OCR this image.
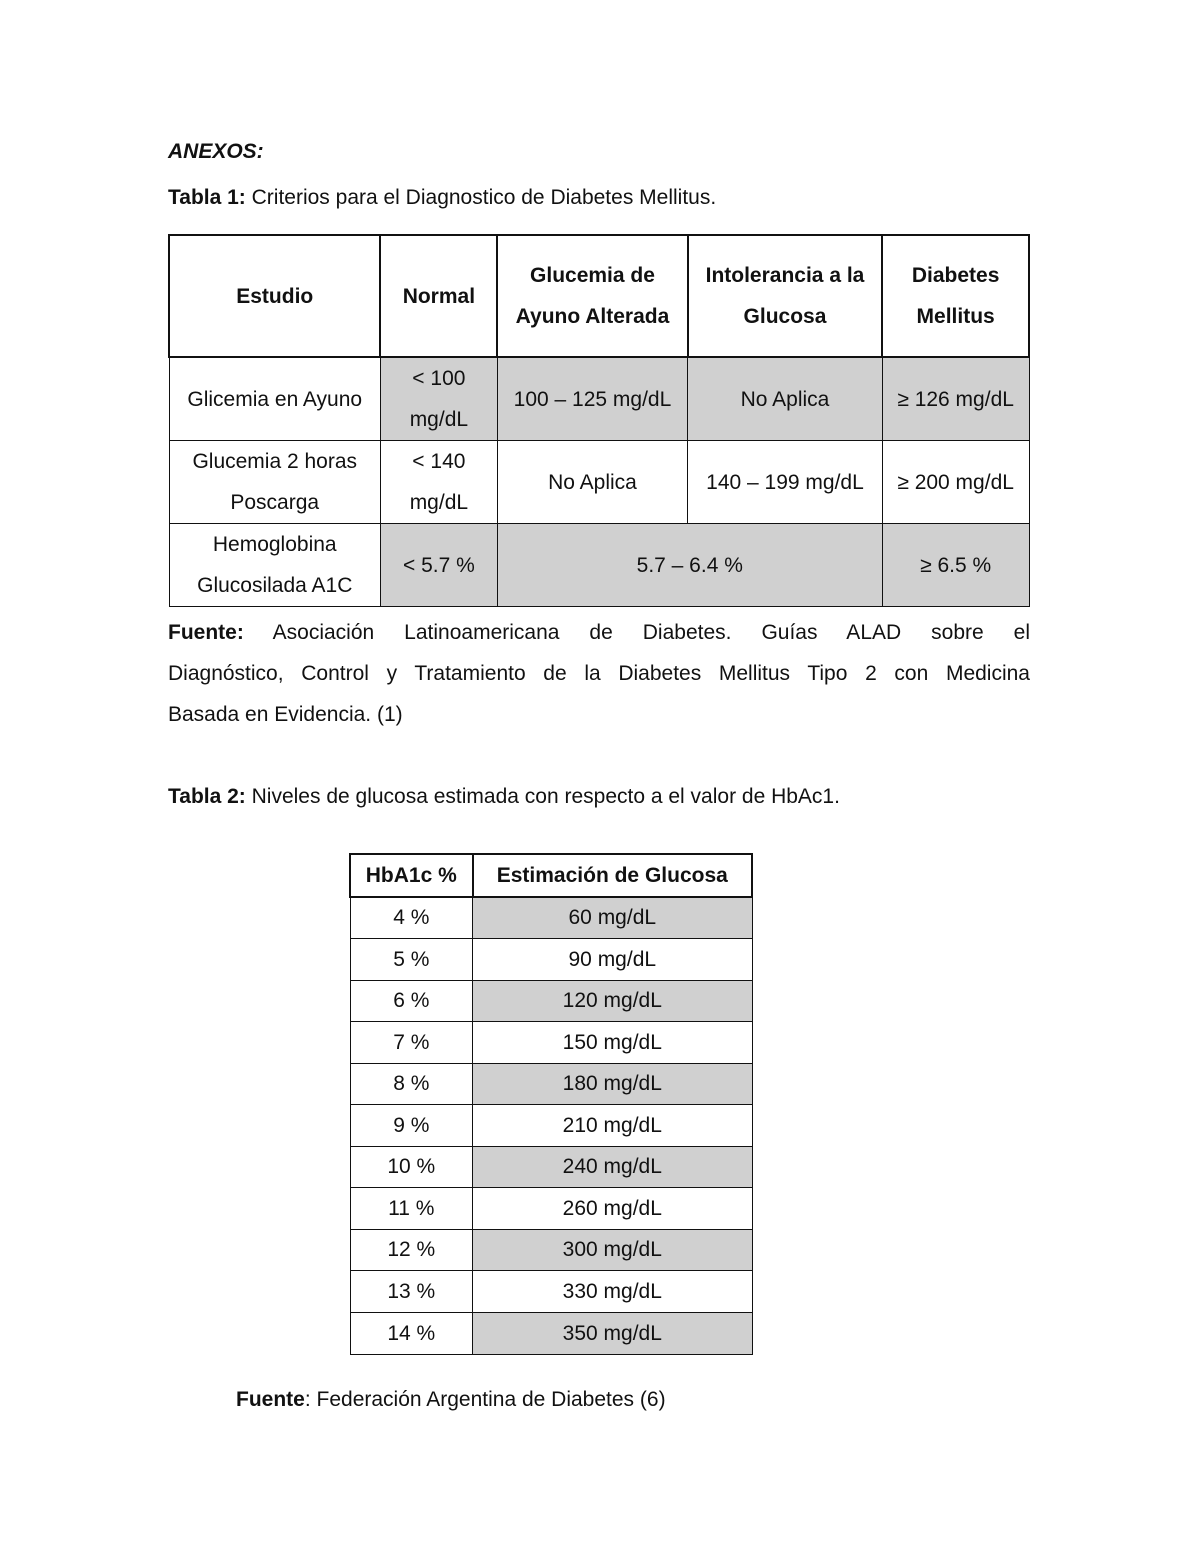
ANEXOS:
Tabla 1: Criterios para el Diagnostico de Diabetes Mellitus.
Estudio	Normal	Glucemia de Ayuno Alterada	Intolerancia a la Glucosa	Diabetes Mellitus
Glicemia en Ayuno	< 100 mg/dL	100 – 125 mg/dL	No Aplica	≥ 126 mg/dL
Glucemia 2 horas Poscarga	< 140 mg/dL	No Aplica	140 – 199 mg/dL	≥ 200 mg/dL
Hemoglobina Glucosilada A1C	< 5.7 %	5.7 – 6.4 %		≥ 6.5 %
Fuente: Asociación Latinoamericana de Diabetes. Guías ALAD sobre el
Diagnóstico, Control y Tratamiento de la Diabetes Mellitus Tipo 2 con Medicina
Basada en Evidencia. (1)
Tabla 2: Niveles de glucosa estimada con respecto a el valor de HbAc1.
HbA1c %	Estimación de Glucosa
4 %	60 mg/dL
5 %	90 mg/dL
6 %	120 mg/dL
7 %	150 mg/dL
8 %	180 mg/dL
9 %	210 mg/dL
10 %	240 mg/dL
11 %	260 mg/dL
12 %	300 mg/dL
13 %	330 mg/dL
14 %	350 mg/dL
Fuente: Federación Argentina de Diabetes (6)
